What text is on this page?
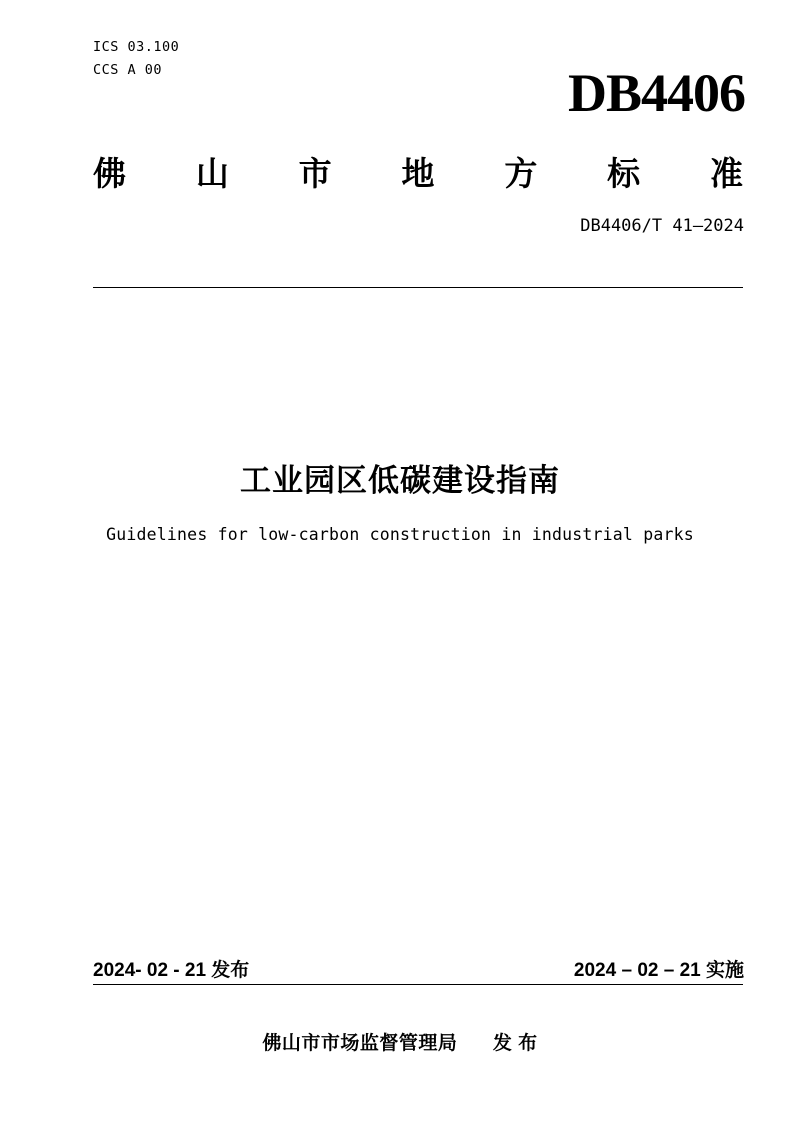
ICS 03.100
CCS A 00	DB4406
佛 山 市 地 方 标 准
DB4406/T 41—2024
工业园区低碳建设指南
Guidelines for low-carbon construction in industrial parks
2024- 02 - 21 发布	2024 – 02 – 21 实施
佛山市市场监督管理局 发 布
